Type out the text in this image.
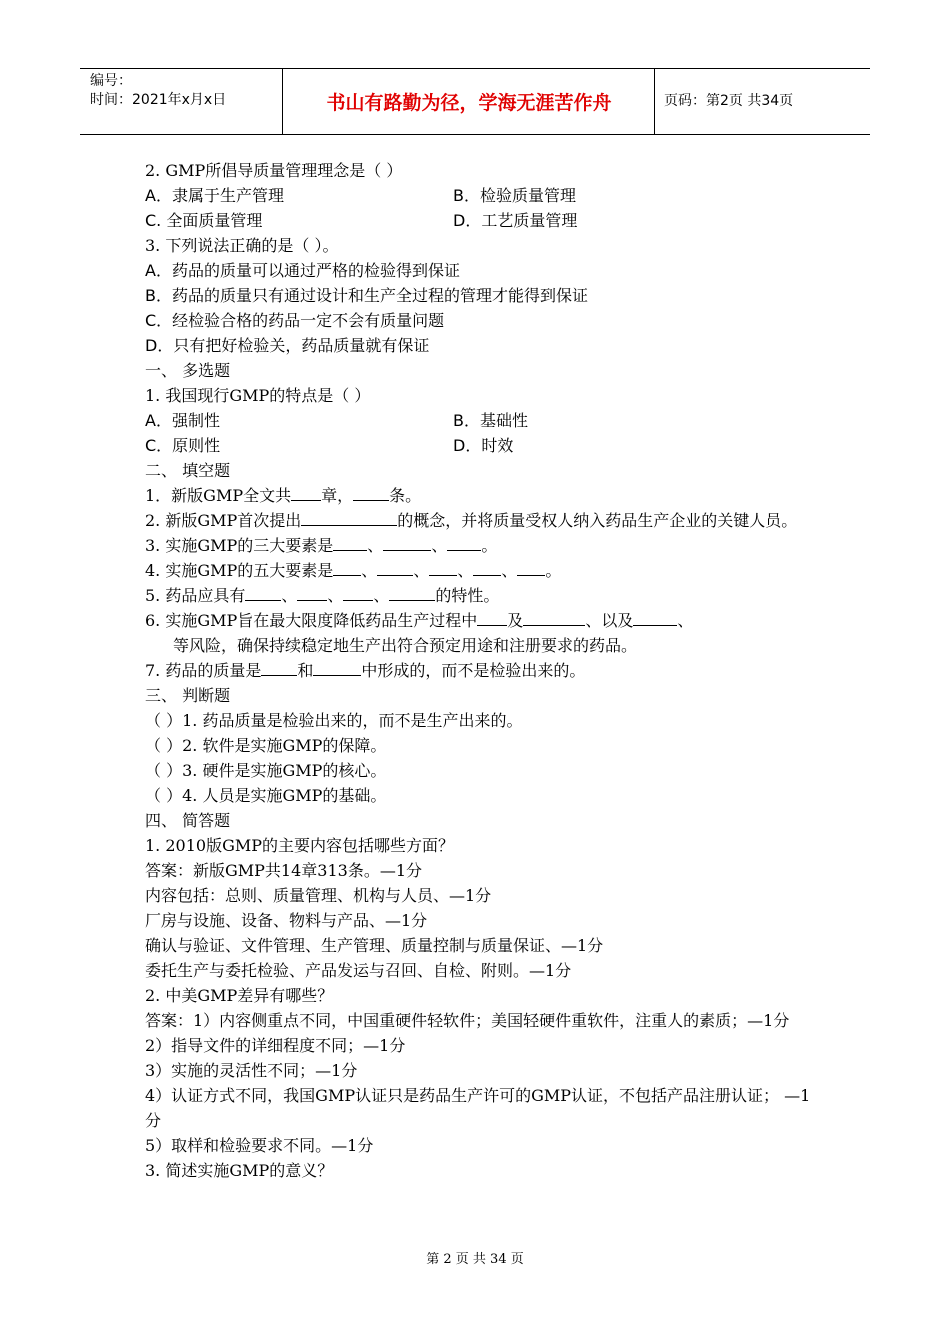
编号：
时间：2021年x月x日	书山有路勤为径，学海无涯苦作舟	页码：第2页 共34页
2. GMP所倡导质量管理理念是（ ）
A．隶属于生产管理	B．检验质量管理
C. 全面质量管理	D．工艺质量管理
3. 下列说法正确的是（ ）。
A．药品的质量可以通过严格的检验得到保证
B．药品的质量只有通过设计和生产全过程的管理才能得到保证
C．经检验合格的药品一定不会有质量问题
D．只有把好检验关，药品质量就有保证
一、 多选题
1. 我国现行GMP的特点是（ ）
A．强制性	B．基础性
C．原则性	D．时效
二、 填空题
1．新版GMP全文共 章， 条。
2. 新版GMP首次提出	的概念，并将质量受权人纳入药品生产企业的关键人员。
3. 实施GMP的三大要素是 、	、 。
4. 实施GMP的五大要素是 、 、 、 、 。
5. 药品应具有 、 、 、	的特性。
6. 实施GMP旨在最大限度降低药品生产过程中 及	、以及	、
等风险，确保持续稳定地生产出符合预定用途和注册要求的药品。
7. 药品的质量是 和	中形成的，而不是检验出来的。
三、 判断题
（ ）1. 药品质量是检验出来的，而不是生产出来的。
（ ）2. 软件是实施GMP的保障。
（ ）3. 硬件是实施GMP的核心。
（ ）4. 人员是实施GMP的基础。
四、 简答题
1. 2010版GMP的主要内容包括哪些方面？
答案：新版GMP共14章313条。—1分
内容包括：总则、质量管理、机构与人员、—1分
厂房与设施、设备、物料与产品、—1分
确认与验证、文件管理、生产管理、质量控制与质量保证、—1分
委托生产与委托检验、产品发运与召回、自检、附则。—1分
2. 中美GMP差异有哪些？
答案：1）内容侧重点不同，中国重硬件轻软件；美国轻硬件重软件，注重人的素质；—1分
2）指导文件的详细程度不同；—1分
3）实施的灵活性不同；—1分
4）认证方式不同，我国GMP认证只是药品生产许可的GMP认证，不包括产品注册认证； —1分
5）取样和检验要求不同。—1分
3. 简述实施GMP的意义？
第 2 页 共 34 页
